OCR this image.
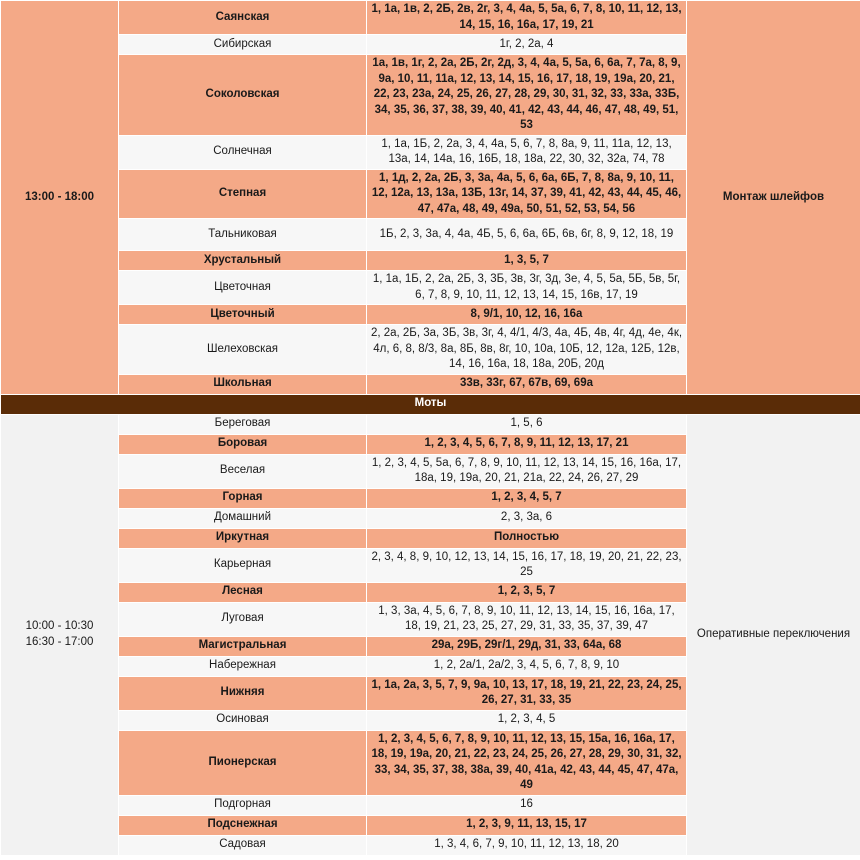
13:00 - 18:00	Саянская	1, 1а, 1в, 2, 2Б, 2в, 2г, 3, 4, 4а, 5, 5а, 6, 7, 8, 10, 11, 12, 13, 14, 15, 16, 16а, 17, 19, 21	Монтаж шлейфов
	Сибирская	1г, 2, 2а, 4	
	Соколовская	1а, 1в, 1г, 2, 2а, 2Б, 2г, 2д, 3, 4, 4а, 5, 5а, 6, 6а, 7, 7а, 8, 9, 9а, 10, 11, 11а, 12, 13, 14, 15, 16, 17, 18, 19, 19а, 20, 21, 22, 23, 23а, 24, 25, 26, 27, 28, 29, 30, 31, 32, 33, 33а, 33Б, 34, 35, 36, 37, 38, 39, 40, 41, 42, 43, 44, 46, 47, 48, 49, 51, 53	
	Солнечная	1, 1а, 1Б, 2, 2а, 3, 4, 4а, 5, 6, 7, 8, 8а, 9, 11, 11а, 12, 13, 13а, 14, 14а, 16, 16Б, 18, 18а, 22, 30, 32, 32а, 74, 78	
	Степная	1, 1д, 2, 2а, 2Б, 3, 3а, 4а, 5, 6, 6а, 6Б, 7, 8, 8а, 9, 10, 11, 12, 12а, 13, 13а, 13Б, 13г, 14, 37, 39, 41, 42, 43, 44, 45, 46, 47, 47а, 48, 49, 49а, 50, 51, 52, 53, 54, 56	
	Тальниковая	1Б, 2, 3, 3а, 4, 4а, 4Б, 5, 6, 6а, 6Б, 6в, 6г, 8, 9, 12, 18, 19	
	Хрустальный	1, 3, 5, 7	
	Цветочная	1, 1а, 1Б, 2, 2а, 2Б, 3, 3Б, 3в, 3г, 3д, 3е, 4, 5, 5а, 5Б, 5в, 5г, 6, 7, 8, 9, 10, 11, 12, 13, 14, 15, 16в, 17, 19	
	Цветочный	8, 9/1, 10, 12, 16, 16а	
	Шелеховская	2, 2а, 2Б, 3а, 3Б, 3в, 3г, 4, 4/1, 4/3, 4а, 4Б, 4в, 4г, 4д, 4е, 4к, 4л, 6, 8, 8/3, 8а, 8Б, 8в, 8г, 10, 10а, 10Б, 12, 12а, 12Б, 12в, 14, 16, 16а, 18, 18а, 20Б, 20д	
	Школьная	33в, 33г, 67, 67в, 69, 69а	
Моты			
10:00 - 10:30
16:30 - 17:00	Береговая	1, 5, 6	Оперативные переключения
	Боровая	1, 2, 3, 4, 5, 6, 7, 8, 9, 11, 12, 13, 17, 21	
	Веселая	1, 2, 3, 4, 5, 5а, 6, 7, 8, 9, 10, 11, 12, 13, 14, 15, 16, 16а, 17, 18а, 19, 19а, 20, 21, 21а, 22, 24, 26, 27, 29	
	Горная	1, 2, 3, 4, 5, 7	
	Домашний	2, 3, 3а, 6	
	Иркутная	Полностью	
	Карьерная	2, 3, 4, 8, 9, 10, 12, 13, 14, 15, 16, 17, 18, 19, 20, 21, 22, 23, 25	
	Лесная	1, 2, 3, 5, 7	
	Луговая	1, 3, 3а, 4, 5, 6, 7, 8, 9, 10, 11, 12, 13, 14, 15, 16, 16а, 17, 18, 19, 21, 23, 25, 27, 29, 31, 33, 35, 37, 39, 47	
	Магистральная	29а, 29Б, 29г/1, 29д, 31, 33, 64а, 68	
	Набережная	1, 2, 2а/1, 2а/2, 3, 4, 5, 6, 7, 8, 9, 10	
	Нижняя	1, 1а, 2а, 3, 5, 7, 9, 9а, 10, 13, 17, 18, 19, 21, 22, 23, 24, 25, 26, 27, 31, 33, 35	
	Осиновая	1, 2, 3, 4, 5	
	Пионерская	1, 2, 3, 4, 5, 6, 7, 8, 9, 10, 11, 12, 13, 15, 15а, 16, 16а, 17, 18, 19, 19а, 20, 21, 22, 23, 24, 25, 26, 27, 28, 29, 30, 31, 32, 33, 34, 35, 37, 38, 38а, 39, 40, 41а, 42, 43, 44, 45, 47, 47а, 49	
	Подгорная	16	
	Подснежная	1, 2, 3, 9, 11, 13, 15, 17	
	Садовая	1, 3, 4, 6, 7, 9, 10, 11, 12, 13, 18, 20	
